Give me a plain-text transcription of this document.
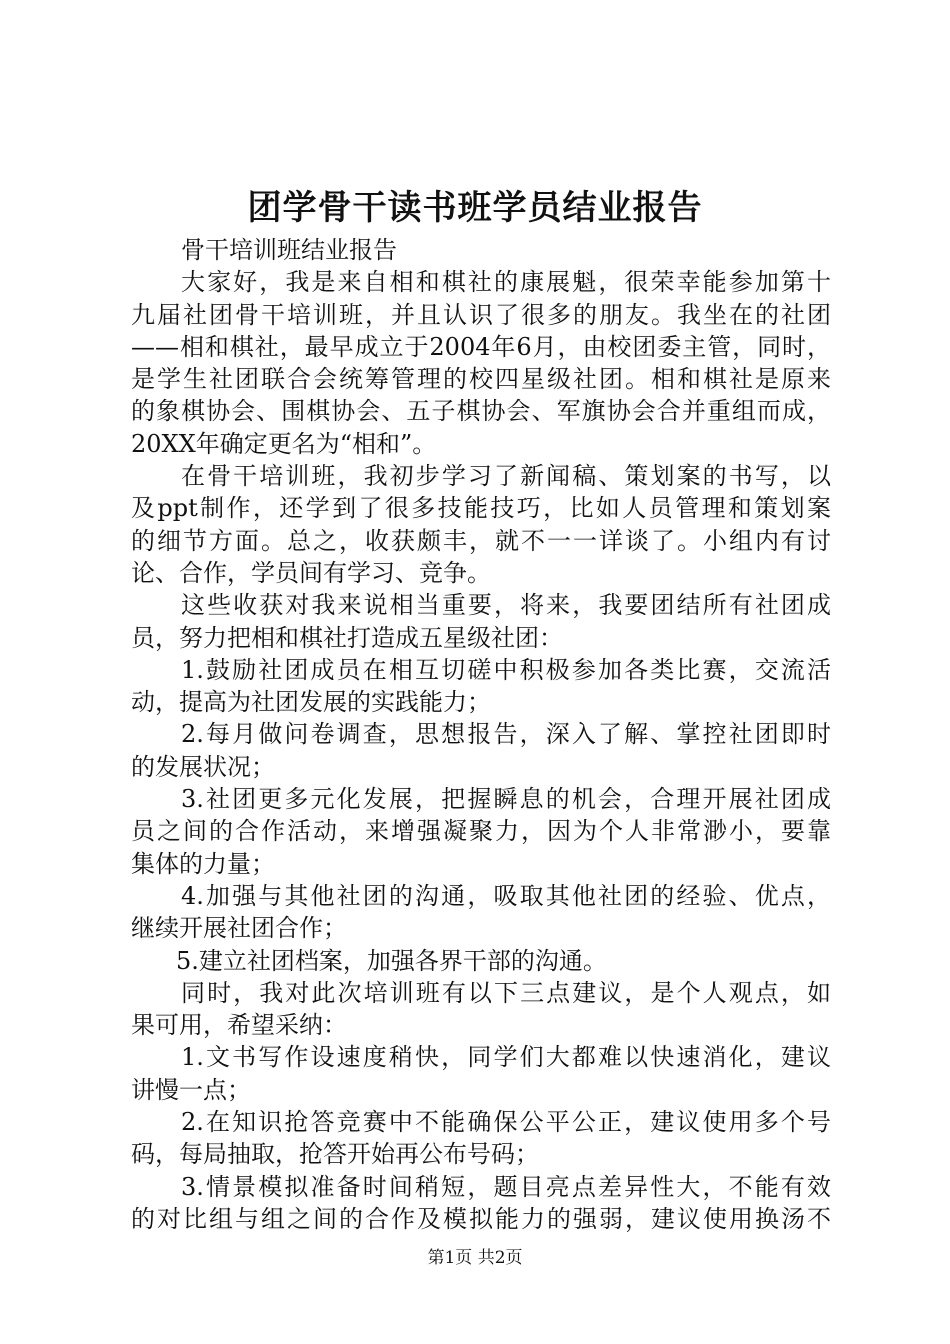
团学骨干读书班学员结业报告
骨干培训班结业报告
大家好，我是来自相和棋社的康展魁，很荣幸能参加第十
九届社团骨干培训班，并且认识了很多的朋友。我坐在的社团
——相和棋社，最早成立于2004年6月，由校团委主管，同时，
是学生社团联合会统筹管理的校四星级社团。相和棋社是原来
的象棋协会、围棋协会、五子棋协会、军旗协会合并重组而成，
20XX年确定更名为“相和”。
在骨干培训班，我初步学习了新闻稿、策划案的书写，以
及ppt制作，还学到了很多技能技巧，比如人员管理和策划案
的细节方面。总之，收获颇丰，就不一一详谈了。小组内有讨
论、合作，学员间有学习、竞争。
这些收获对我来说相当重要，将来，我要团结所有社团成
员，努力把相和棋社打造成五星级社团：
1.鼓励社团成员在相互切磋中积极参加各类比赛，交流活
动，提高为社团发展的实践能力；
2.每月做问卷调查，思想报告，深入了解、掌控社团即时
的发展状况；
3.社团更多元化发展，把握瞬息的机会，合理开展社团成
员之间的合作活动，来增强凝聚力，因为个人非常渺小，要靠
集体的力量；
4.加强与其他社团的沟通，吸取其他社团的经验、优点，
继续开展社团合作；
5.建立社团档案，加强各界干部的沟通。
同时，我对此次培训班有以下三点建议，是个人观点，如
果可用，希望采纳：
1.文书写作设速度稍快，同学们大都难以快速消化，建议
讲慢一点；
2.在知识抢答竞赛中不能确保公平公正，建议使用多个号
码，每局抽取，抢答开始再公布号码；
3.情景模拟准备时间稍短，题目亮点差异性大，不能有效
的对比组与组之间的合作及模拟能力的强弱，建议使用换汤不
第1页 共2页
